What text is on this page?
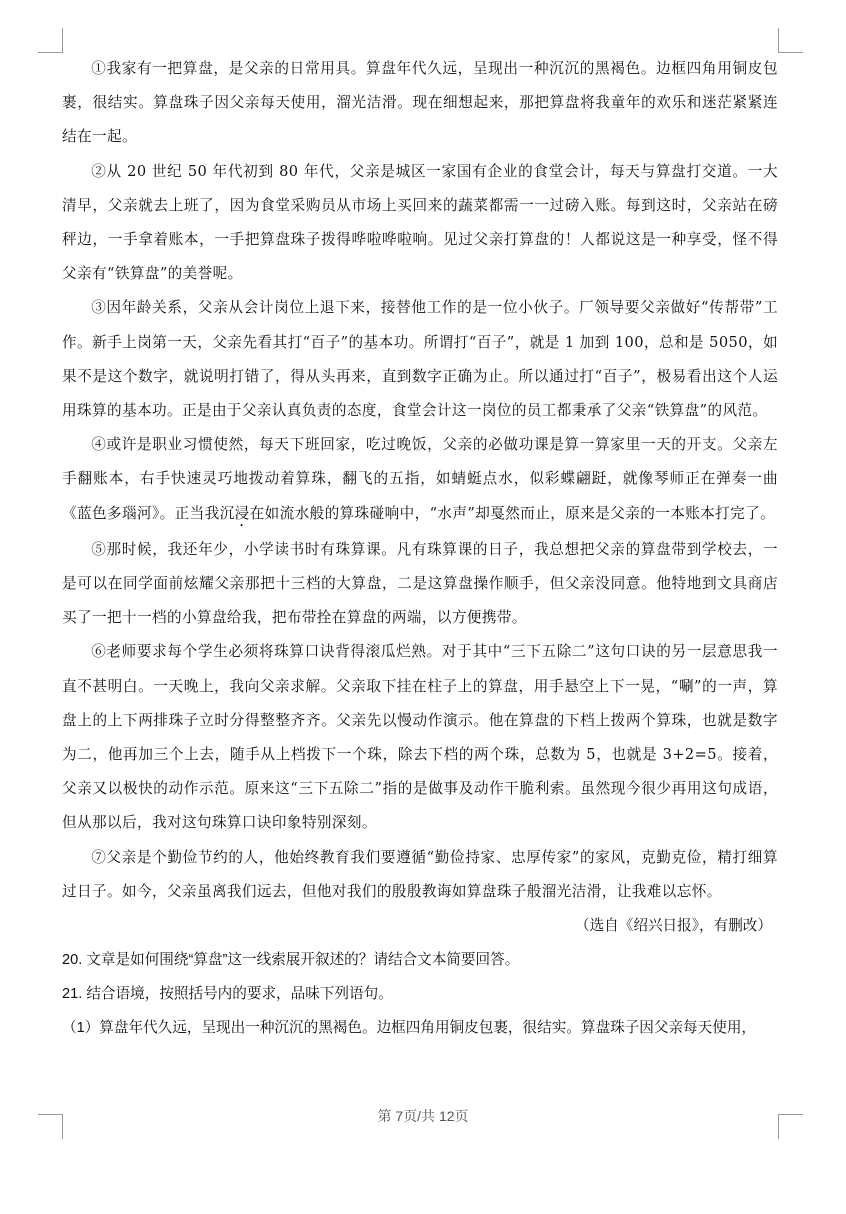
①我家有一把算盘，是父亲的日常用具。算盘年代久远，呈现出一种沉沉的黑褐色。边框四角用铜皮包裹，很结实。算盘珠子因父亲每天使用，溜光洁滑。现在细想起来，那把算盘将我童年的欢乐和迷茫紧紧连结在一起。

②从 20 世纪 50 年代初到 80 年代，父亲是城区一家国有企业的食堂会计，每天与算盘打交道。一大清早，父亲就去上班了，因为食堂采购员从市场上买回来的蔬菜都需一一过磅入账。每到这时，父亲站在磅秤边，一手拿着账本，一手把算盘珠子拨得哗啦哗啦响。见过父亲打算盘的！人都说这是一种享受，怪不得父亲有“铁算盘”的美誉呢。

③因年龄关系，父亲从会计岗位上退下来，接替他工作的是一位小伙子。厂领导要父亲做好“传帮带”工作。新手上岗第一天，父亲先看其打“百子”的基本功。所谓打“百子”，就是 1 加到 100，总和是 5050，如果不是这个数字，就说明打错了，得从头再来，直到数字正确为止。所以通过打“百子”，极易看出这个人运用珠算的基本功。正是由于父亲认真负责的态度，食堂会计这一岗位的员工都秉承了父亲“铁算盘”的风范。

④或许是职业习惯使然，每天下班回家，吃过晚饭，父亲的必做功课是算一算家里一天的开支。父亲左手翻账本，右手快速灵巧地拨动着算珠，翻飞的五指，如蜻蜓点水，似彩蝶翩跹，就像琴师正在弹奏一曲《蓝色多瑙河》。正当我沉浸在如流水般的算珠碰响中，“水声”却戛然而止，原来是父亲的一本账本打完了。

⑤那时候，我还年少，小学读书时有珠算课。凡有珠算课的日子，我总想把父亲的算盘带到学校去，一是可以在同学面前炫耀父亲那把十三档的大算盘，二是这算盘操作顺手，但父亲没同意。他特地到文具商店买了一把十一档的小算盘给我，把布带拴在算盘的两端，以方便携带。

⑥老师要求每个学生必须将珠算口诀背得滚瓜烂熟。对于其中“三下五除二”这句口诀的另一层意思我一直不甚明白。一天晚上，我向父亲求解。父亲取下挂在柱子上的算盘，用手悬空上下一晃，“唰”的一声，算盘上的上下两排珠子立时分得整整齐齐。父亲先以慢动作演示。他在算盘的下档上拨两个算珠，也就是数字为二，他再加三个上去，随手从上档拨下一个珠，除去下档的两个珠，总数为 5，也就是 3+2=5。接着，父亲又以极快的动作示范。原来这“三下五除二”指的是做事及动作干脆利索。虽然现今很少再用这句成语，但从那以后，我对这句珠算口诀印象特别深刻。

⑦父亲是个勤俭节约的人，他始终教育我们要遵循“勤俭持家、忠厚传家”的家风，克勤克俭，精打细算过日子。如今，父亲虽离我们远去，但他对我们的殷殷教诲如算盘珠子般溜光洁滑，让我难以忘怀。

（选自《绍兴日报》，有删改）

20. 文章是如何围绕“算盘”这一线索展开叙述的？请结合文本简要回答。

21. 结合语境，按照括号内的要求，品味下列语句。

（1）算盘年代久远，呈现出一种沉沉的黑褐色。边框四角用铜皮包裹，很结实。算盘珠子因父亲每天使用，

第 7页/共 12页
